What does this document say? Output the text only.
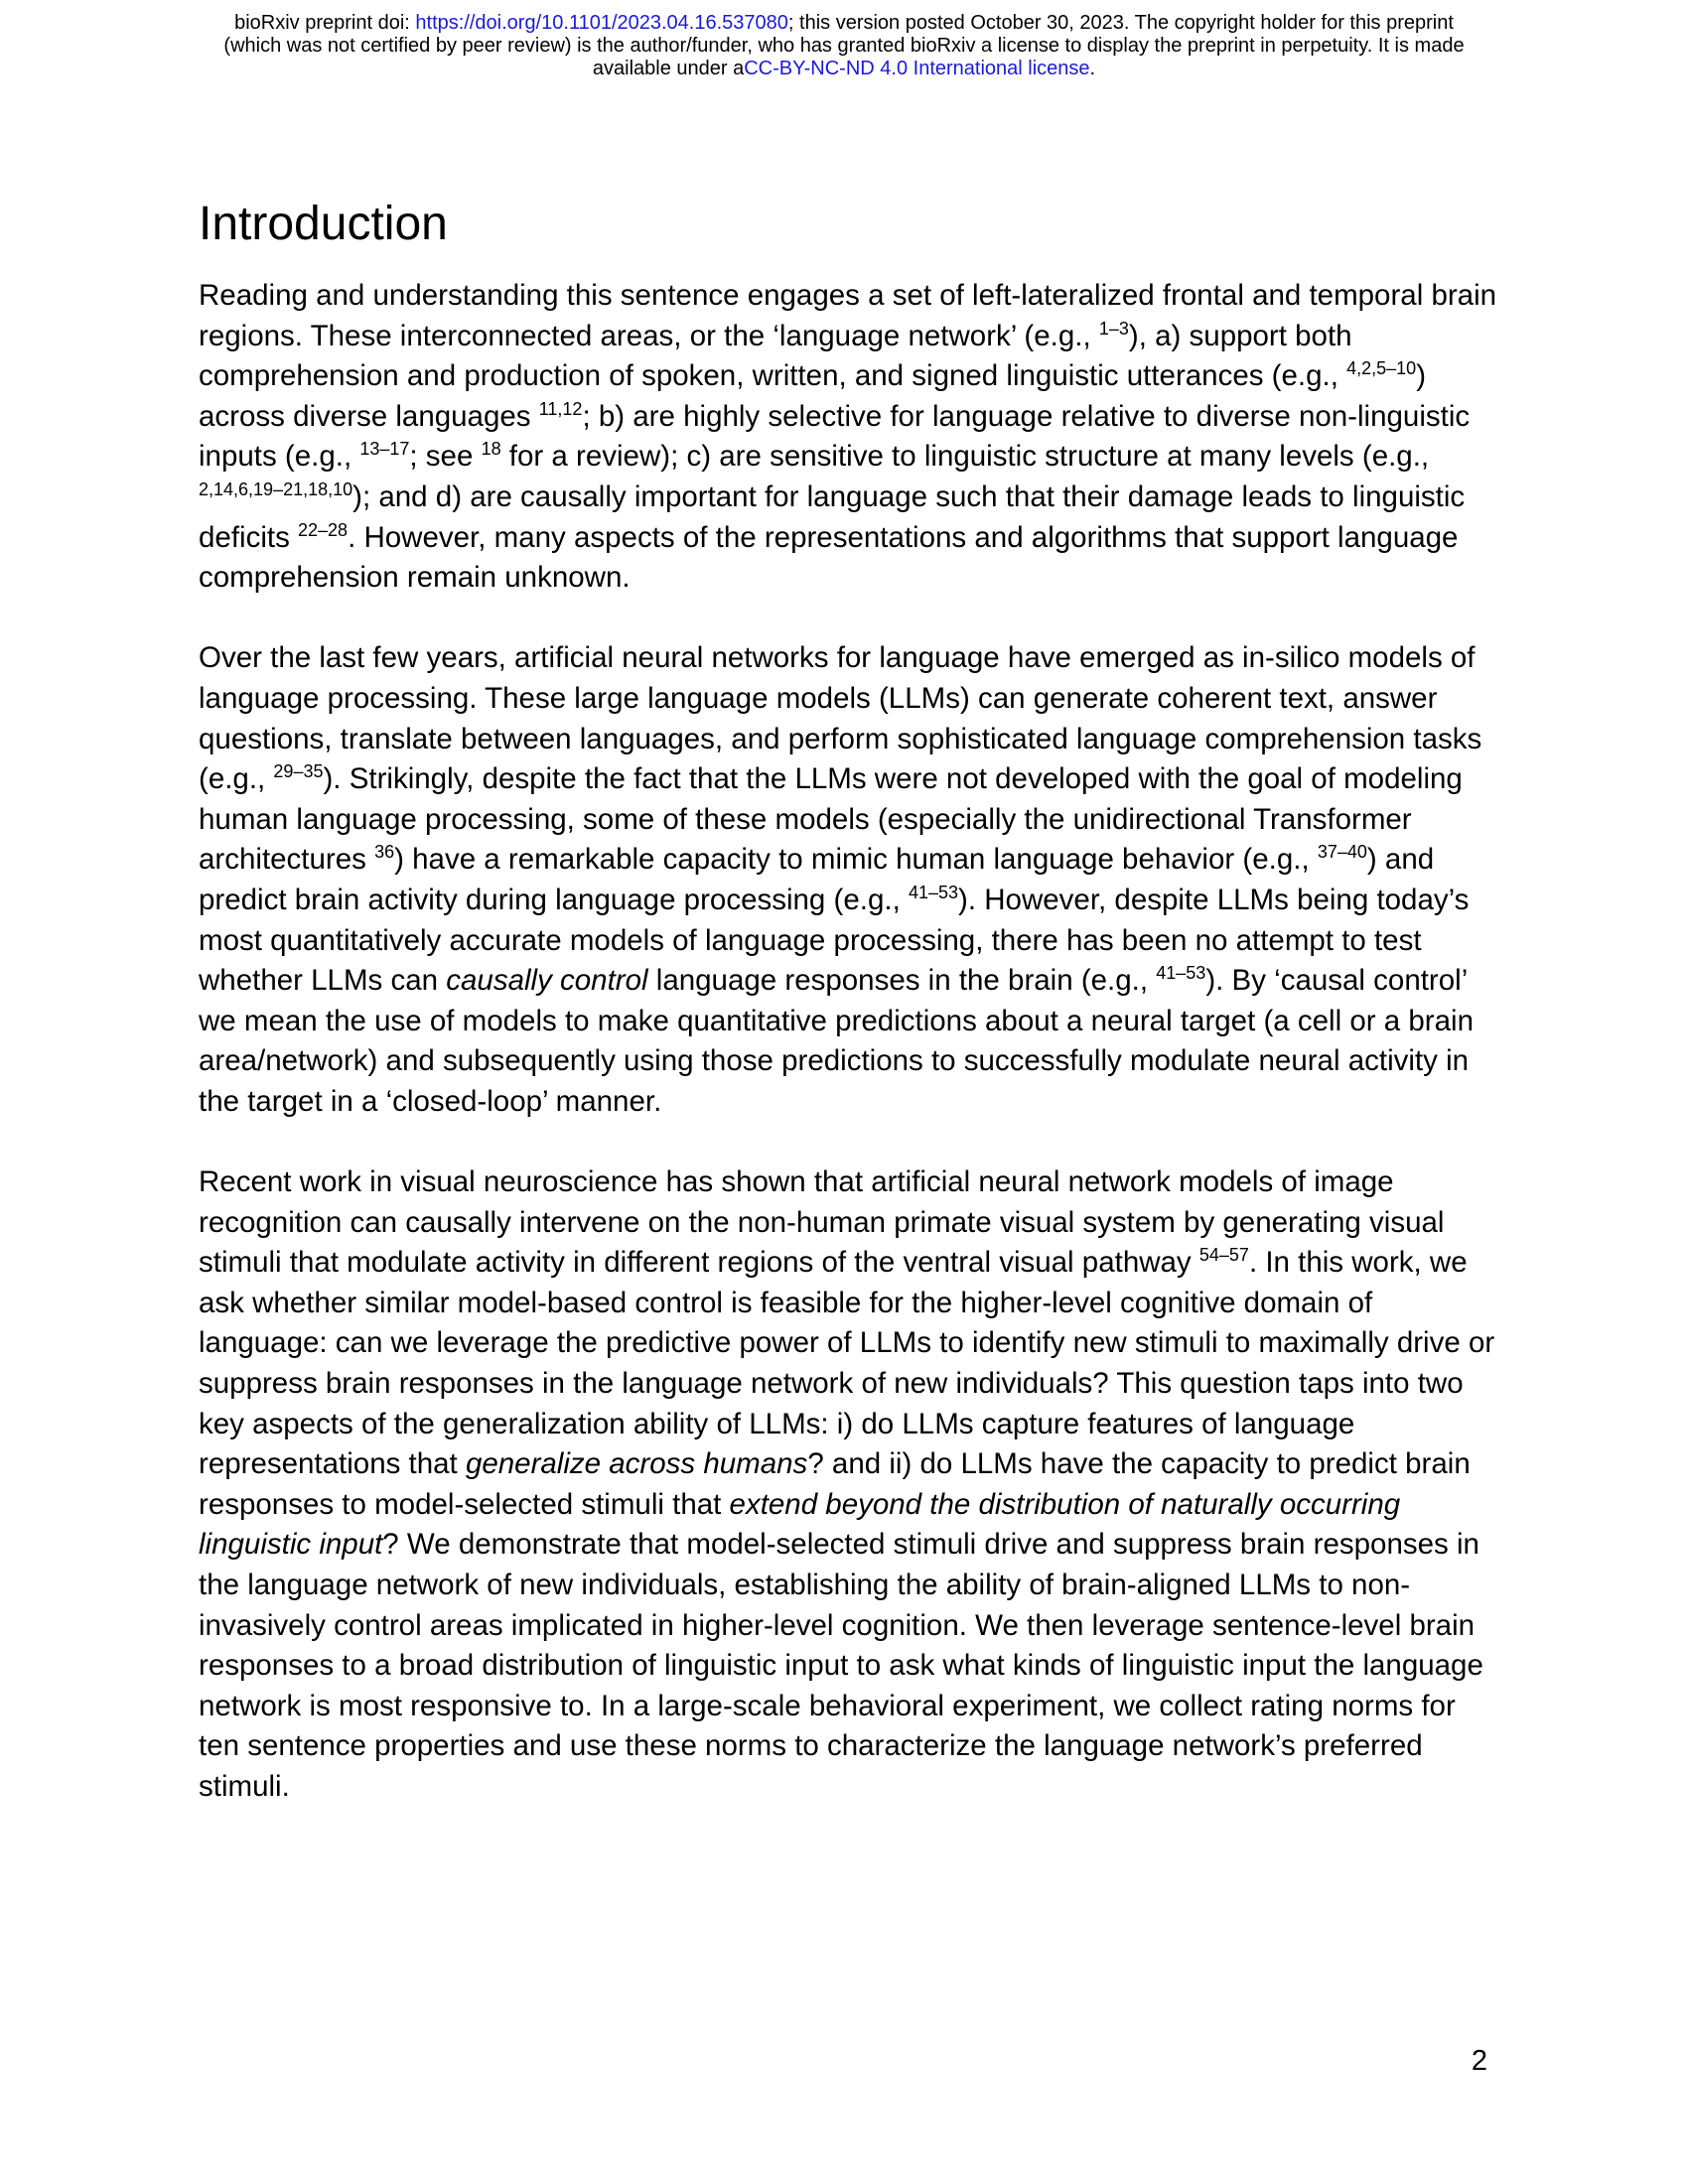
bioRxiv preprint doi: https://doi.org/10.1101/2023.04.16.537080; this version posted October 30, 2023. The copyright holder for this preprint
(which was not certified by peer review) is the author/funder, who has granted bioRxiv a license to display the preprint in perpetuity. It is made
available under aCC-BY-NC-ND 4.0 International license.
Introduction

Reading and understanding this sentence engages a set of left-lateralized frontal and temporal brain regions. These interconnected areas, or the ‘language network’ (e.g., $^{1-3}$), a) support both comprehension and production of spoken, written, and signed linguistic utterances (e.g., $^{4,2,5-10}$) across diverse languages $^{11,12}$; b) are highly selective for language relative to diverse non-linguistic inputs (e.g., $^{13-17}$; see $^{18}$ for a review); c) are sensitive to linguistic structure at many levels (e.g., $^{2,14,6,19-21,18,10}$); and d) are causally important for language such that their damage leads to linguistic deficits $^{22-28}$. However, many aspects of the representations and algorithms that support language comprehension remain unknown.

Over the last few years, artificial neural networks for language have emerged as in-silico models of language processing. These large language models (LLMs) can generate coherent text, answer questions, translate between languages, and perform sophisticated language comprehension tasks (e.g., $^{29-35}$). Strikingly, despite the fact that the LLMs were not developed with the goal of modeling human language processing, some of these models (especially the unidirectional Transformer architectures $^{36}$) have a remarkable capacity to mimic human language behavior (e.g., $^{37-40}$) and predict brain activity during language processing (e.g., $^{41-53}$). However, despite LLMs being today’s most quantitatively accurate models of language processing, there has been no attempt to test whether LLMs can causally control language responses in the brain (e.g., $^{41-53}$). By ‘causal control’ we mean the use of models to make quantitative predictions about a neural target (a cell or a brain area/network) and subsequently using those predictions to successfully modulate neural activity in the target in a ‘closed-loop’ manner.

Recent work in visual neuroscience has shown that artificial neural network models of image recognition can causally intervene on the non-human primate visual system by generating visual stimuli that modulate activity in different regions of the ventral visual pathway $^{54-57}$. In this work, we ask whether similar model-based control is feasible for the higher-level cognitive domain of language: can we leverage the predictive power of LLMs to identify new stimuli to maximally drive or suppress brain responses in the language network of new individuals? This question taps into two key aspects of the generalization ability of LLMs: i) do LLMs capture features of language representations that generalize across humans? and ii) do LLMs have the capacity to predict brain responses to model-selected stimuli that extend beyond the distribution of naturally occurring linguistic input? We demonstrate that model-selected stimuli drive and suppress brain responses in the language network of new individuals, establishing the ability of brain-aligned LLMs to non-invasively control areas implicated in higher-level cognition. We then leverage sentence-level brain responses to a broad distribution of linguistic input to ask what kinds of linguistic input the language network is most responsive to. In a large-scale behavioral experiment, we collect rating norms for ten sentence properties and use these norms to characterize the language network’s preferred stimuli.

2
